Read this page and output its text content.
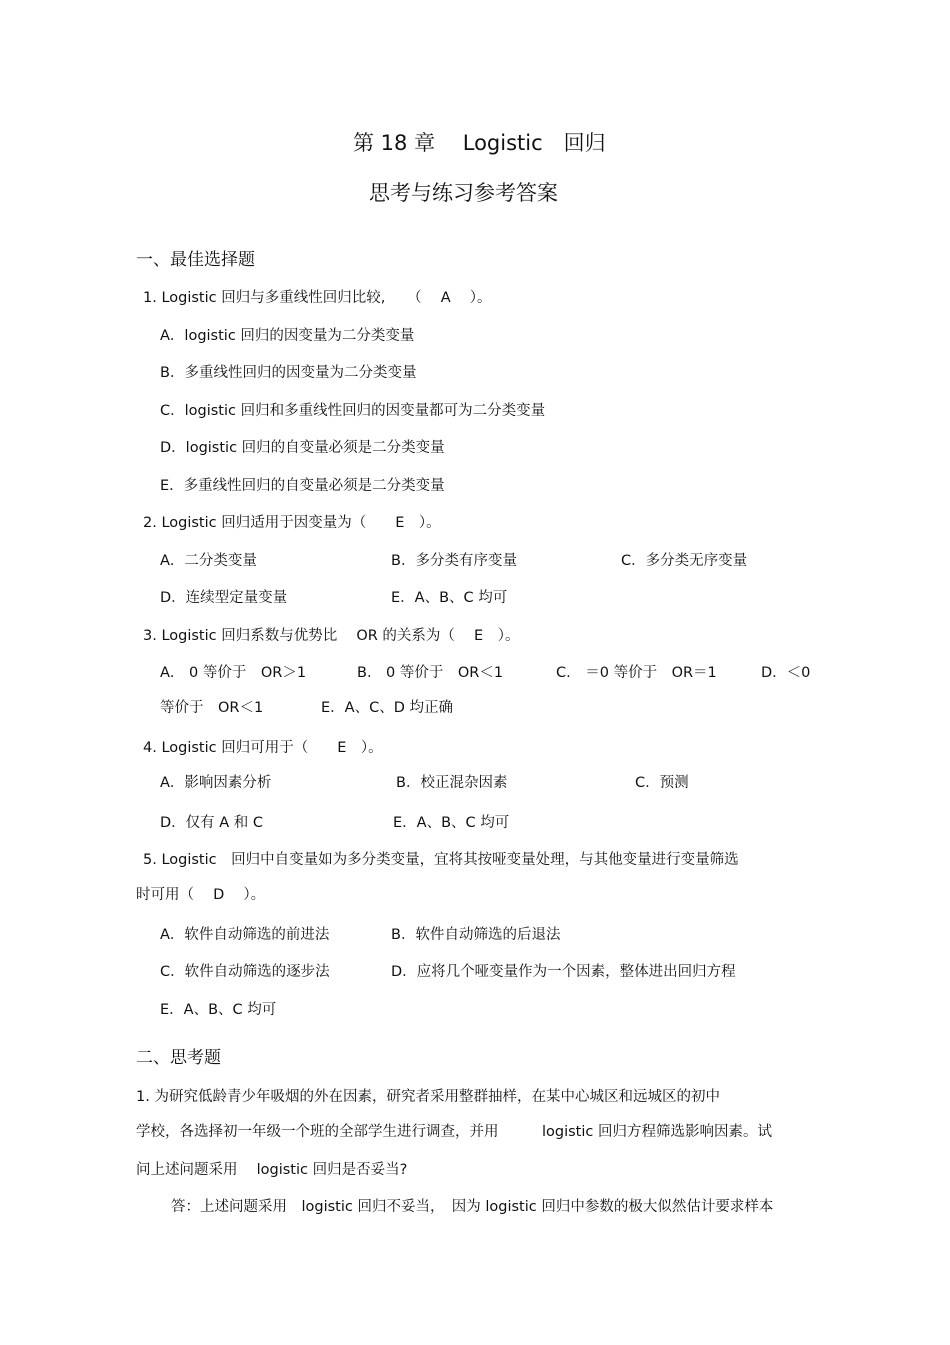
第 18 章　 Logistic　回归
思考与练习参考答案
一、最佳选择题
1. Logistic 回归与多重线性回归比较,　　（　 A　 ）。
A．logistic 回归的因变量为二分类变量
B．多重线性回归的因变量为二分类变量
C．logistic 回归和多重线性回归的因变量都可为二分类变量
D．logistic 回归的自变量必须是二分类变量
E．多重线性回归的自变量必须是二分类变量
2. Logistic 回归适用于因变量为（　　E　）。
A．二分类变量	B．多分类有序变量	C．多分类无序变量
D．连续型定量变量	E．A、B、C 均可
3. Logistic 回归系数与优势比　 OR 的关系为（　 E　）。
A． 0 等价于　OR＞1	B． 0 等价于　OR＜1	C.　＝0 等价于　OR＝1	D．＜0
等价于　OR＜1	E．A、C、D 均正确
4. Logistic 回归可用于（　　E　）。
A．影响因素分析	B．校正混杂因素	C．预测
D．仅有 A 和 C	E．A、B、C 均可
5. Logistic　回归中自变量如为多分类变量，宜将其按哑变量处理，与其他变量进行变量筛选
时可用（　 D　 ）。
A．软件自动筛选的前进法	B．软件自动筛选的后退法
C．软件自动筛选的逐步法	D．应将几个哑变量作为一个因素，整体进出回归方程
E．A、B、C 均可
二、思考题
1. 为研究低龄青少年吸烟的外在因素，研究者采用整群抽样，在某中心城区和远城区的初中
学校，各选择初一年级一个班的全部学生进行调查，并用　　　logistic 回归方程筛选影响因素。试
问上述问题采用　 logistic 回归是否妥当?
答：上述问题采用　logistic 回归不妥当，　因为 logistic 回归中参数的极大似然估计要求样本
